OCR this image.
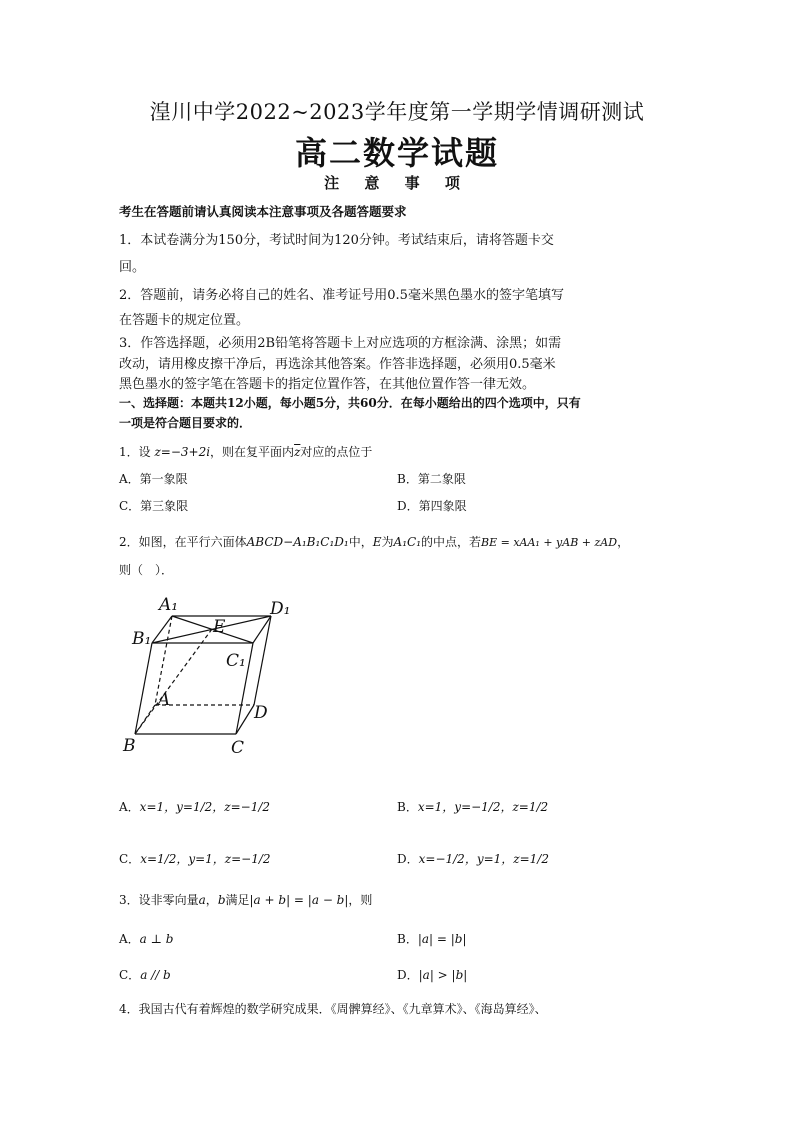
湟川中学2022~2023学年度第一学期学情调研测试
高二数学试题
注 意 事 项
考生在答题前请认真阅读本注意事项及各题答题要求
1．本试卷满分为150分，考试时间为120分钟。考试结束后，请将答题卡交
回。
2．答题前，请务必将自己的姓名、准考证号用0.5毫米黑色墨水的签字笔填写
在答题卡的规定位置。
3．作答选择题，必须用2B铅笔将答题卡上对应选项的方框涂满、涂黑；如需
改动，请用橡皮擦干净后，再选涂其他答案。作答非选择题，必须用0.5毫米
黑色墨水的签字笔在答题卡的指定位置作答，在其他位置作答一律无效。
一、选择题：本题共12小题，每小题5分，共60分．在每小题给出的四个选项中，只有
一项是符合题目要求的．
1．设 z=−3+2i，则在复平面内$\overline{z}$对应的点位于
A．第一象限	B．第二象限
C．第三象限	D．第四象限
2．如图，在平行六面体ABCD−A₁B₁C₁D₁中，E为A₁C₁的中点，若BE = xAA₁ + yAB + zAD，
则（　）．
A₁	D₁
B₁
E
C₁
A
D
B	C
A．x=1，y=1/2，z=−1/2	B．x=1，y=−1/2，z=1/2
C．x=1/2，y=1，z=−1/2	D．x=−1/2，y=1，z=1/2
3．设非零向量a，b满足|a + b| = |a − b|，则
A．a ⊥ b	B．|a| = |b|
C．a // b	D．|a| > |b|
4．我国古代有着辉煌的数学研究成果．《周髀算经》、《九章算术》、《海岛算经》、
